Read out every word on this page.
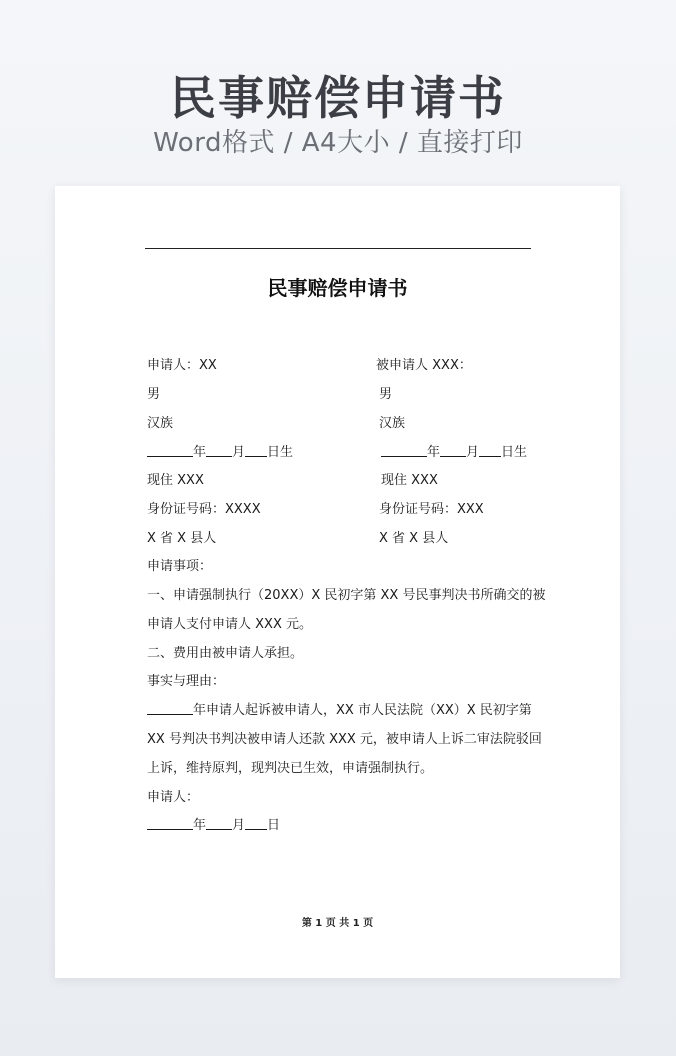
民事赔偿申请书
Word格式 / A4大小 / 直接打印
民事赔偿申请书
申请人：XX
男
汉族
年 月 日生
现住 XXX
身份证号码：XXXX
X 省 X 县人
被申请人 XXX：
男
汉族
年 月 日生
现住 XXX
身份证号码：XXX
X 省 X 县人
申请事项：
一、申请强制执行（20XX）X 民初字第 XX 号民事判决书所确交的被
申请人支付申请人 XXX 元。
二、费用由被申请人承担。
事实与理由：
年申请人起诉被申请人，XX 市人民法院（XX）X 民初字第
XX 号判决书判决被申请人还款 XXX 元，被申请人上诉二审法院驳回
上诉，维持原判，现判决已生效，申请强制执行。
申请人：
年 月 日
第 1 页 共 1 页
